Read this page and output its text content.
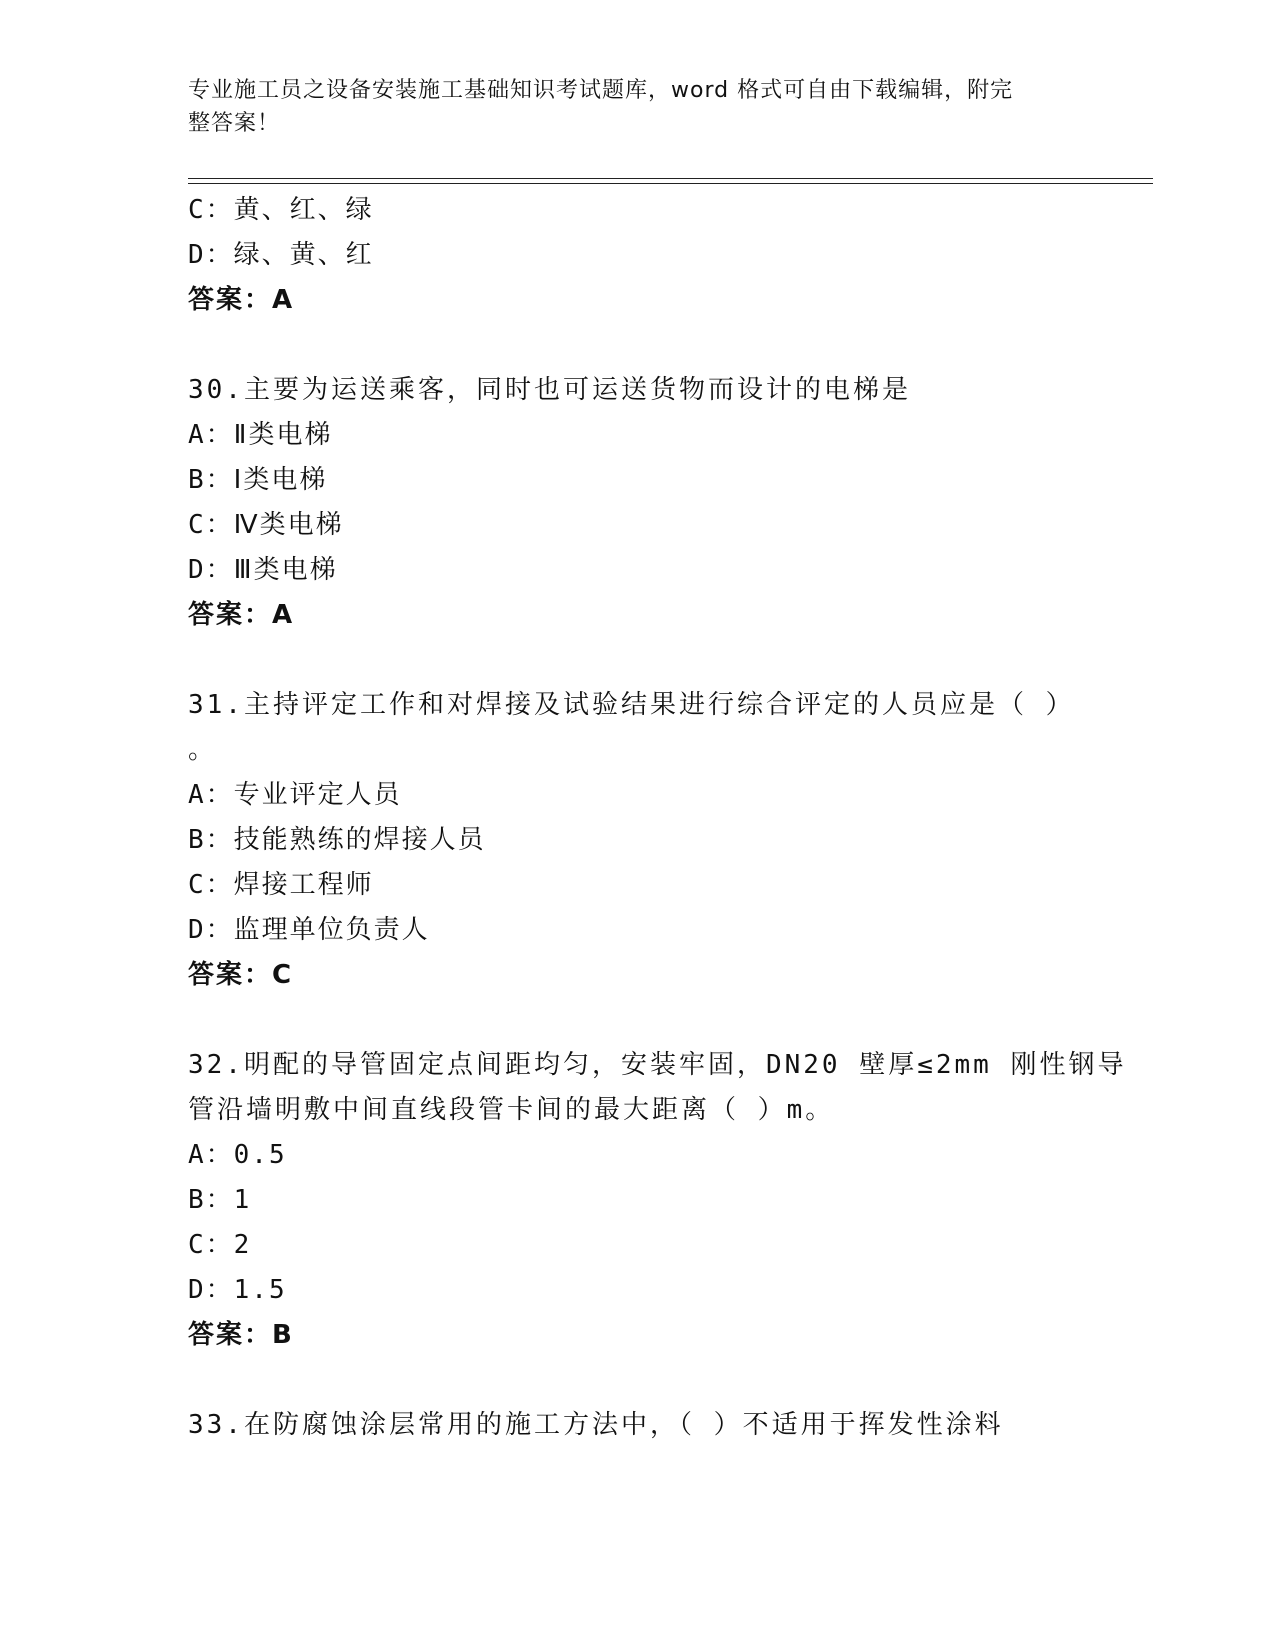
专业施工员之设备安装施工基础知识考试题库，word 格式可自由下载编辑，附完
整答案！
C：黄、红、绿
D：绿、黄、红
答案：A
30.主要为运送乘客，同时也可运送货物而设计的电梯是
A：Ⅱ类电梯
B：Ⅰ类电梯
C：Ⅳ类电梯
D：Ⅲ类电梯
答案：A
31.主持评定工作和对焊接及试验结果进行综合评定的人员应是（ ）
。
A：专业评定人员
B：技能熟练的焊接人员
C：焊接工程师
D：监理单位负责人
答案：C
32.明配的导管固定点间距均匀，安装牢固，DN20 壁厚≤2mm 刚性钢导
管沿墙明敷中间直线段管卡间的最大距离（ ）m。
A：0.5
B：1
C：2
D：1.5
答案：B
33.在防腐蚀涂层常用的施工方法中，（ ）不适用于挥发性涂料
